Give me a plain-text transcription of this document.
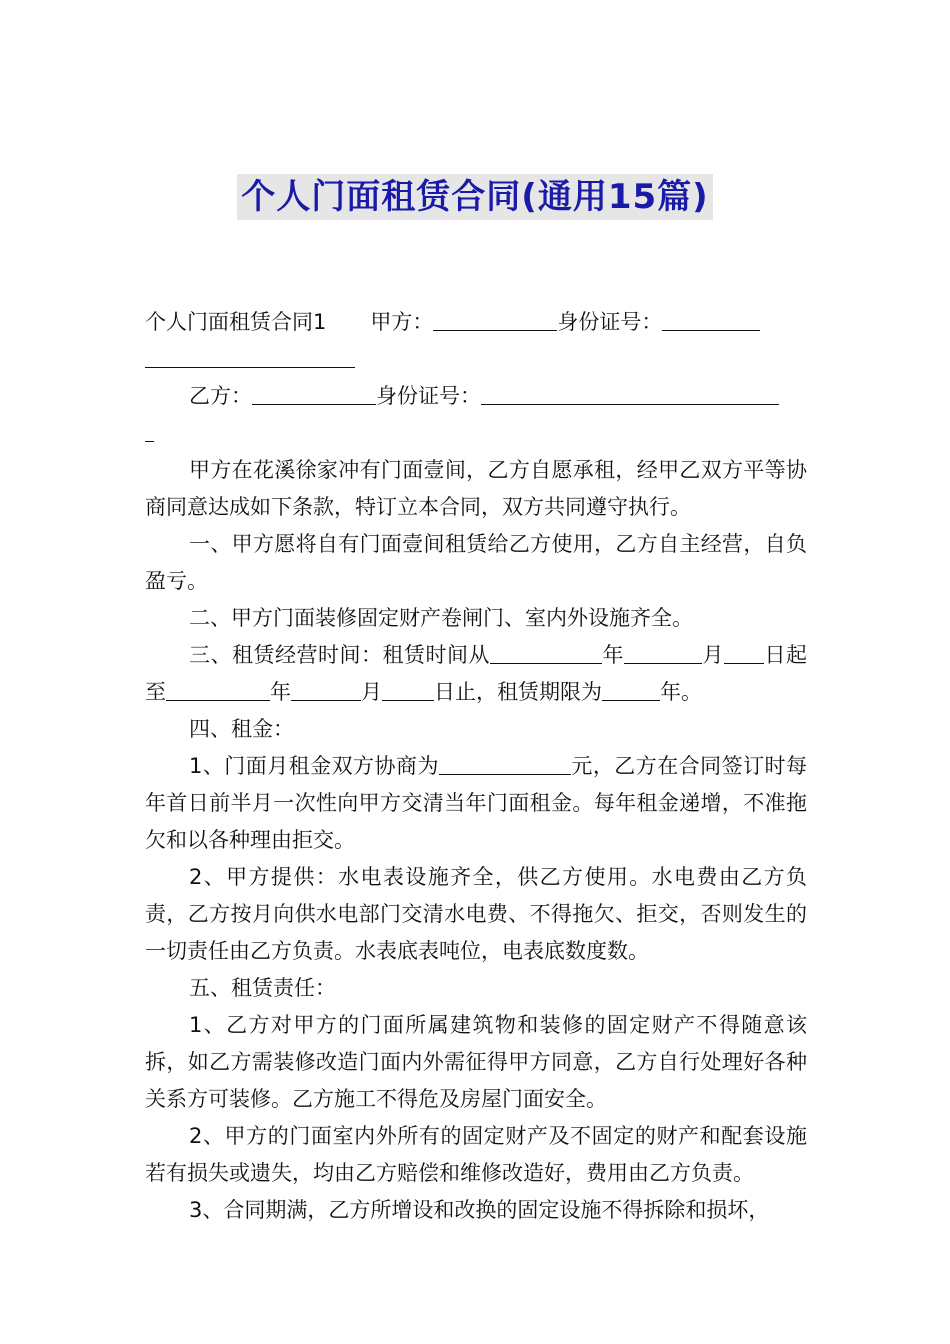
个人门面租赁合同(通用15篇)

个人门面租赁合同1 甲方：	身份证号：

乙方：	身份证号：

甲方在花溪徐家冲有门面壹间，乙方自愿承租，经甲乙双方平等协商同意达成如下条款，特订立本合同，双方共同遵守执行。

一、甲方愿将自有门面壹间租赁给乙方使用，乙方自主经营，自负盈亏。

二、甲方门面装修固定财产卷闸门、室内外设施齐全。

三、租赁经营时间：租赁时间从	年	月 日起至	年	月 日止，租赁期限为	年。

四、租金：

1、门面月租金双方协商为	元，乙方在合同签订时每年首日前半月一次性向甲方交清当年门面租金。每年租金递增，不准拖欠和以各种理由拒交。

2、甲方提供：水电表设施齐全，供乙方使用。水电费由乙方负责，乙方按月向供水电部门交清水电费、不得拖欠、拒交，否则发生的一切责任由乙方负责。水表底表吨位，电表底数度数。

五、租赁责任：

1、乙方对甲方的门面所属建筑物和装修的固定财产不得随意该拆，如乙方需装修改造门面内外需征得甲方同意，乙方自行处理好各种关系方可装修。乙方施工不得危及房屋门面安全。

2、甲方的门面室内外所有的固定财产及不固定的财产和配套设施若有损失或遗失，均由乙方赔偿和维修改造好，费用由乙方负责。

3、合同期满，乙方所增设和改换的固定设施不得拆除和损坏，
